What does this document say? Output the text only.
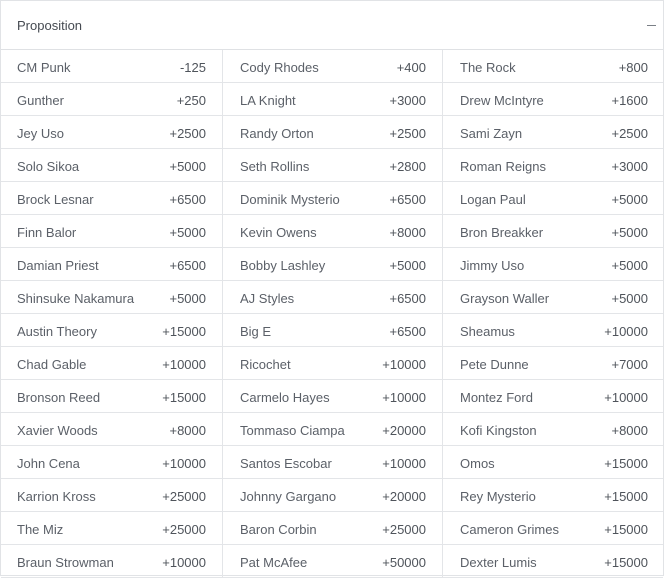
Proposition
CM Punk	-125	Cody Rhodes	+400	The Rock	+800
Gunther	+250	LA Knight	+3000	Drew McIntyre	+1600
Jey Uso	+2500	Randy Orton	+2500	Sami Zayn	+2500
Solo Sikoa	+5000	Seth Rollins	+2800	Roman Reigns	+3000
Brock Lesnar	+6500	Dominik Mysterio	+6500	Logan Paul	+5000
Finn Balor	+5000	Kevin Owens	+8000	Bron Breakker	+5000
Damian Priest	+6500	Bobby Lashley	+5000	Jimmy Uso	+5000
Shinsuke Nakamura	+5000	AJ Styles	+6500	Grayson Waller	+5000
Austin Theory	+15000	Big E	+6500	Sheamus	+10000
Chad Gable	+10000	Ricochet	+10000	Pete Dunne	+7000
Bronson Reed	+15000	Carmelo Hayes	+10000	Montez Ford	+10000
Xavier Woods	+8000	Tommaso Ciampa	+20000	Kofi Kingston	+8000
John Cena	+10000	Santos Escobar	+10000	Omos	+15000
Karrion Kross	+25000	Johnny Gargano	+20000	Rey Mysterio	+15000
The Miz	+25000	Baron Corbin	+25000	Cameron Grimes	+15000
Braun Strowman	+10000	Pat McAfee	+50000	Dexter Lumis	+15000
